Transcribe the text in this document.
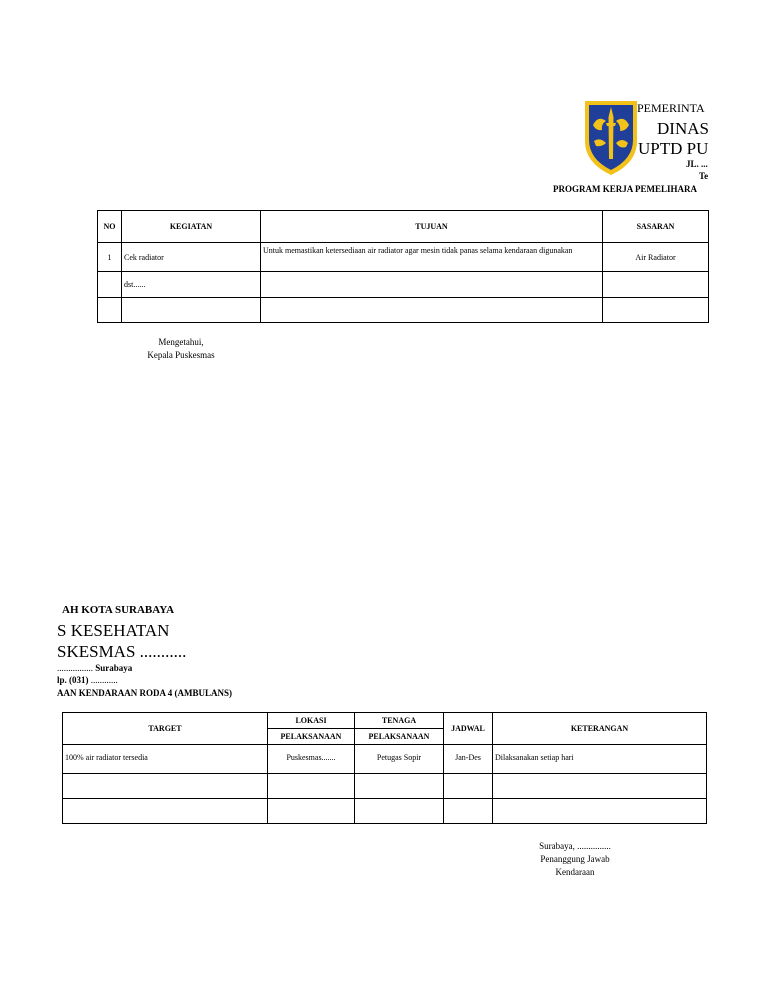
PEMERINTA
DINAS
UPTD PU
JL. ...
Te
PROGRAM KERJA PEMELIHARA
NO	KEGIATAN	TUJUAN	SASARAN
1	Cek radiator	Untuk memastikan ketersediaan air radiator agar mesin tidak panas selama kendaraan digunakan	Air Radiator
	dst......		

Mengetahui,
Kepala Puskesmas
AH KOTA SURABAYA
S KESEHATAN
SKESMAS ...........
................ Surabaya
lp. (031) ............
AAN KENDARAAN RODA 4 (AMBULANS)
TARGET	LOKASI	TENAGA	JADWAL	KETERANGAN
	PELAKSANAAN	PELAKSANAAN		
100% air radiator tersedia	Puskesmas.......	Petugas Sopir	Jan-Des	Dilaksanakan setiap hari

Surabaya, ...............
Penanggung Jawab
Kendaraan
